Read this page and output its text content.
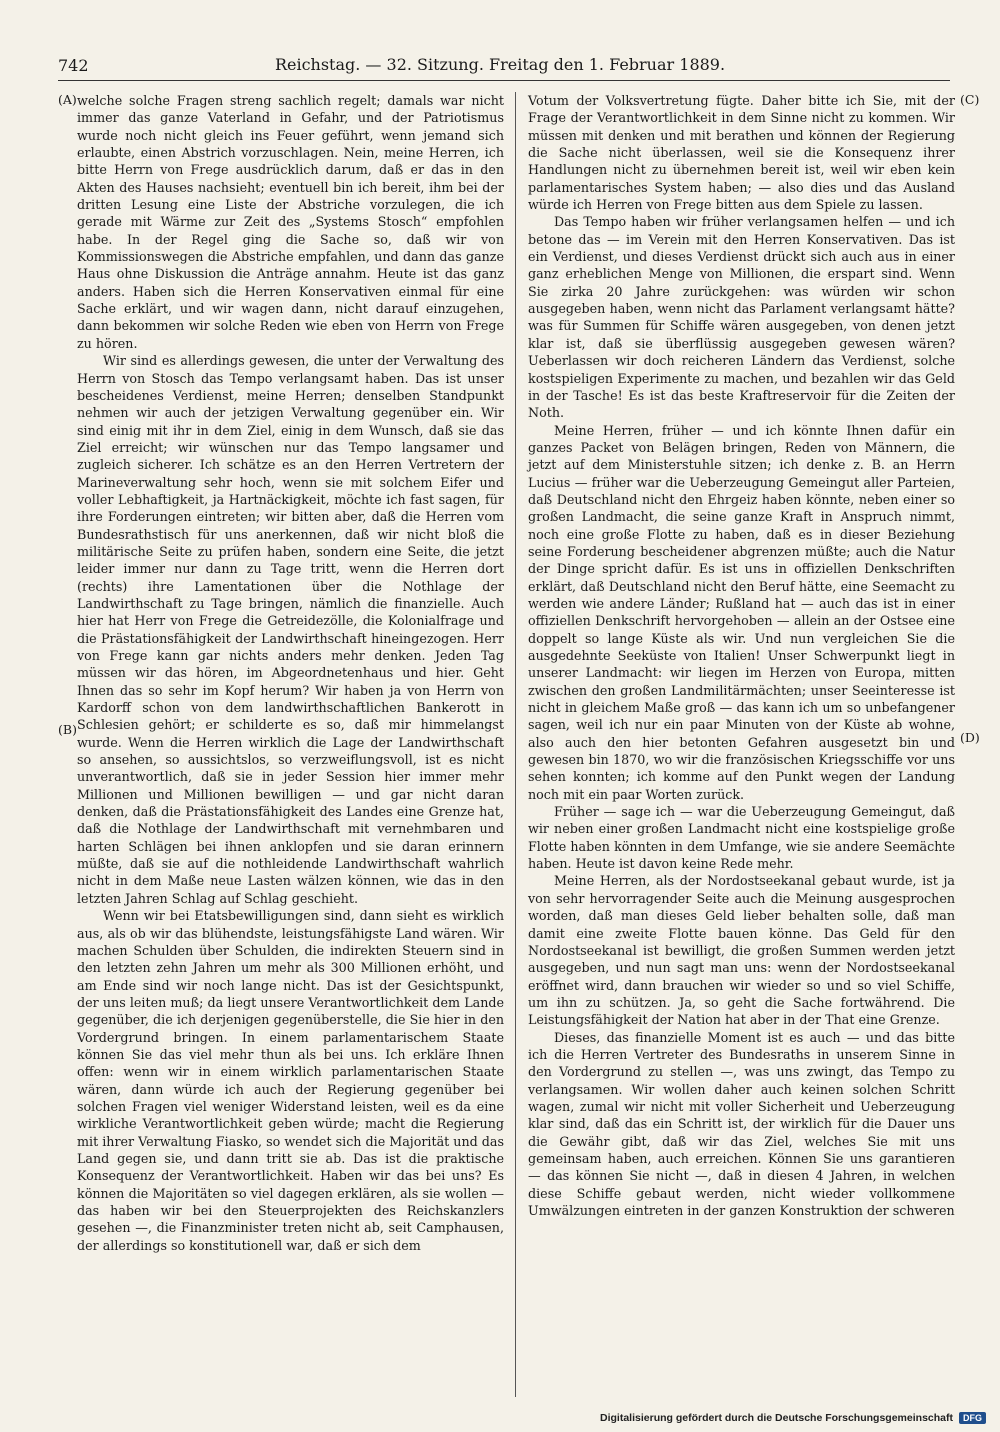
742	Reichstag. — 32. Sitzung. Freitag den 1. Februar 1889.
(A)
(B)
(C)
(D)

welche solche Fragen streng sachlich regelt; damals war nicht immer das ganze Vaterland in Gefahr, und der Patriotismus wurde noch nicht gleich ins Feuer geführt, wenn jemand sich erlaubte, einen Abstrich vorzuschlagen. Nein, meine Herren, ich bitte Herrn von Frege ausdrücklich darum, daß er das in den Akten des Hauses nachsieht; eventuell bin ich bereit, ihm bei der dritten Lesung eine Liste der Abstriche vorzulegen, die ich gerade mit Wärme zur Zeit des „Systems Stosch“ empfohlen habe. In der Regel ging die Sache so, daß wir von Kommissionswegen die Abstriche empfahlen, und dann das ganze Haus ohne Diskussion die Anträge annahm. Heute ist das ganz anders. Haben sich die Herren Konservativen einmal für eine Sache erklärt, und wir wagen dann, nicht darauf einzugehen, dann bekommen wir solche Reden wie eben von Herrn von Frege zu hören.

Wir sind es allerdings gewesen, die unter der Verwaltung des Herrn von Stosch das Tempo verlangsamt haben. Das ist unser bescheidenes Verdienst, meine Herren; denselben Standpunkt nehmen wir auch der jetzigen Verwaltung gegenüber ein. Wir sind einig mit ihr in dem Ziel, einig in dem Wunsch, daß sie das Ziel erreicht; wir wünschen nur das Tempo langsamer und zugleich sicherer. Ich schätze es an den Herren Vertretern der Marineverwaltung sehr hoch, wenn sie mit solchem Eifer und voller Lebhaftigkeit, ja Hartnäckigkeit, möchte ich fast sagen, für ihre Forderungen eintreten; wir bitten aber, daß die Herren vom Bundesrathstisch für uns anerkennen, daß wir nicht bloß die militärische Seite zu prüfen haben, sondern eine Seite, die jetzt leider immer nur dann zu Tage tritt, wenn die Herren dort (rechts) ihre Lamentationen über die Nothlage der Landwirthschaft zu Tage bringen, nämlich die finanzielle. Auch hier hat Herr von Frege die Getreidezölle, die Kolonialfrage und die Prästationsfähigkeit der Landwirthschaft hineingezogen. Herr von Frege kann gar nichts anders mehr denken. Jeden Tag müssen wir das hören, im Abgeordnetenhaus und hier. Geht Ihnen das so sehr im Kopf herum? Wir haben ja von Herrn von Kardorff schon von dem landwirthschaftlichen Bankerott in Schlesien gehört; er schilderte es so, daß mir himmelangst wurde. Wenn die Herren wirklich die Lage der Landwirthschaft so ansehen, so aussichtslos, so verzweiflungsvoll, ist es nicht unverantwortlich, daß sie in jeder Session hier immer mehr Millionen und Millionen bewilligen — und gar nicht daran denken, daß die Prästationsfähigkeit des Landes eine Grenze hat, daß die Nothlage der Landwirthschaft mit vernehmbaren und harten Schlägen bei ihnen anklopfen und sie daran erinnern müßte, daß sie auf die nothleidende Landwirthschaft wahrlich nicht in dem Maße neue Lasten wälzen können, wie das in den letzten Jahren Schlag auf Schlag geschieht.

Wenn wir bei Etatsbewilligungen sind, dann sieht es wirklich aus, als ob wir das blühendste, leistungsfähigste Land wären. Wir machen Schulden über Schulden, die indirekten Steuern sind in den letzten zehn Jahren um mehr als 300 Millionen erhöht, und am Ende sind wir noch lange nicht. Das ist der Gesichtspunkt, der uns leiten muß; da liegt unsere Verantwortlichkeit dem Lande gegenüber, die ich derjenigen gegenüberstelle, die Sie hier in den Vordergrund bringen. In einem parlamentarischem Staate können Sie das viel mehr thun als bei uns. Ich erkläre Ihnen offen: wenn wir in einem wirklich parlamentarischen Staate wären, dann würde ich auch der Regierung gegenüber bei solchen Fragen viel weniger Widerstand leisten, weil es da eine wirkliche Verantwortlichkeit geben würde; macht die Regierung mit ihrer Verwaltung Fiasko, so wendet sich die Majorität und das Land gegen sie, und dann tritt sie ab. Das ist die praktische Konsequenz der Verantwortlichkeit. Haben wir das bei uns? Es können die Majoritäten so viel dagegen erklären, als sie wollen — das haben wir bei den Steuerprojekten des Reichskanzlers gesehen —, die Finanzminister treten nicht ab, seit Camphausen, der allerdings so konstitutionell war, daß er sich dem

Votum der Volksvertretung fügte. Daher bitte ich Sie, mit der Frage der Verantwortlichkeit in dem Sinne nicht zu kommen. Wir müssen mit denken und mit berathen und können der Regierung die Sache nicht überlassen, weil sie die Konsequenz ihrer Handlungen nicht zu übernehmen bereit ist, weil wir eben kein parlamentarisches System haben; — also dies und das Ausland würde ich Herren von Frege bitten aus dem Spiele zu lassen.

Das Tempo haben wir früher verlangsamen helfen — und ich betone das — im Verein mit den Herren Konservativen. Das ist ein Verdienst, und dieses Verdienst drückt sich auch aus in einer ganz erheblichen Menge von Millionen, die erspart sind. Wenn Sie zirka 20 Jahre zurückgehen: was würden wir schon ausgegeben haben, wenn nicht das Parlament verlangsamt hätte? was für Summen für Schiffe wären ausgegeben, von denen jetzt klar ist, daß sie überflüssig ausgegeben gewesen wären? Ueberlassen wir doch reicheren Ländern das Verdienst, solche kostspieligen Experimente zu machen, und bezahlen wir das Geld in der Tasche! Es ist das beste Kraftreservoir für die Zeiten der Noth.

Meine Herren, früher — und ich könnte Ihnen dafür ein ganzes Packet von Belägen bringen, Reden von Männern, die jetzt auf dem Ministerstuhle sitzen; ich denke z. B. an Herrn Lucius — früher war die Ueberzeugung Gemeingut aller Parteien, daß Deutschland nicht den Ehrgeiz haben könnte, neben einer so großen Landmacht, die seine ganze Kraft in Anspruch nimmt, noch eine große Flotte zu haben, daß es in dieser Beziehung seine Forderung bescheidener abgrenzen müßte; auch die Natur der Dinge spricht dafür. Es ist uns in offiziellen Denkschriften erklärt, daß Deutschland nicht den Beruf hätte, eine Seemacht zu werden wie andere Länder; Rußland hat — auch das ist in einer offiziellen Denkschrift hervorgehoben — allein an der Ostsee eine doppelt so lange Küste als wir. Und nun vergleichen Sie die ausgedehnte Seeküste von Italien! Unser Schwerpunkt liegt in unserer Landmacht: wir liegen im Herzen von Europa, mitten zwischen den großen Landmilitärmächten; unser Seeinteresse ist nicht in gleichem Maße groß — das kann ich um so unbefangener sagen, weil ich nur ein paar Minuten von der Küste ab wohne, also auch den hier betonten Gefahren ausgesetzt bin und gewesen bin 1870, wo wir die französischen Kriegsschiffe vor uns sehen konnten; ich komme auf den Punkt wegen der Landung noch mit ein paar Worten zurück.

Früher — sage ich — war die Ueberzeugung Gemeingut, daß wir neben einer großen Landmacht nicht eine kostspielige große Flotte haben könnten in dem Umfange, wie sie andere Seemächte haben. Heute ist davon keine Rede mehr.

Meine Herren, als der Nordostseekanal gebaut wurde, ist ja von sehr hervorragender Seite auch die Meinung ausgesprochen worden, daß man dieses Geld lieber behalten solle, daß man damit eine zweite Flotte bauen könne. Das Geld für den Nordostseekanal ist bewilligt, die großen Summen werden jetzt ausgegeben, und nun sagt man uns: wenn der Nordostseekanal eröffnet wird, dann brauchen wir wieder so und so viel Schiffe, um ihn zu schützen. Ja, so geht die Sache fortwährend. Die Leistungsfähigkeit der Nation hat aber in der That eine Grenze.

Dieses, das finanzielle Moment ist es auch — und das bitte ich die Herren Vertreter des Bundesraths in unserem Sinne in den Vordergrund zu stellen —, was uns zwingt, das Tempo zu verlangsamen. Wir wollen daher auch keinen solchen Schritt wagen, zumal wir nicht mit voller Sicherheit und Ueberzeugung klar sind, daß das ein Schritt ist, der wirklich für die Dauer uns die Gewähr gibt, daß wir das Ziel, welches Sie mit uns gemeinsam haben, auch erreichen. Können Sie uns garantieren — das können Sie nicht —, daß in diesen 4 Jahren, in welchen diese Schiffe gebaut werden, nicht wieder vollkommene Umwälzungen eintreten in der ganzen Konstruktion der schweren

Digitalisierung gefördert durch die Deutsche Forschungsgemeinschaft	DFG
